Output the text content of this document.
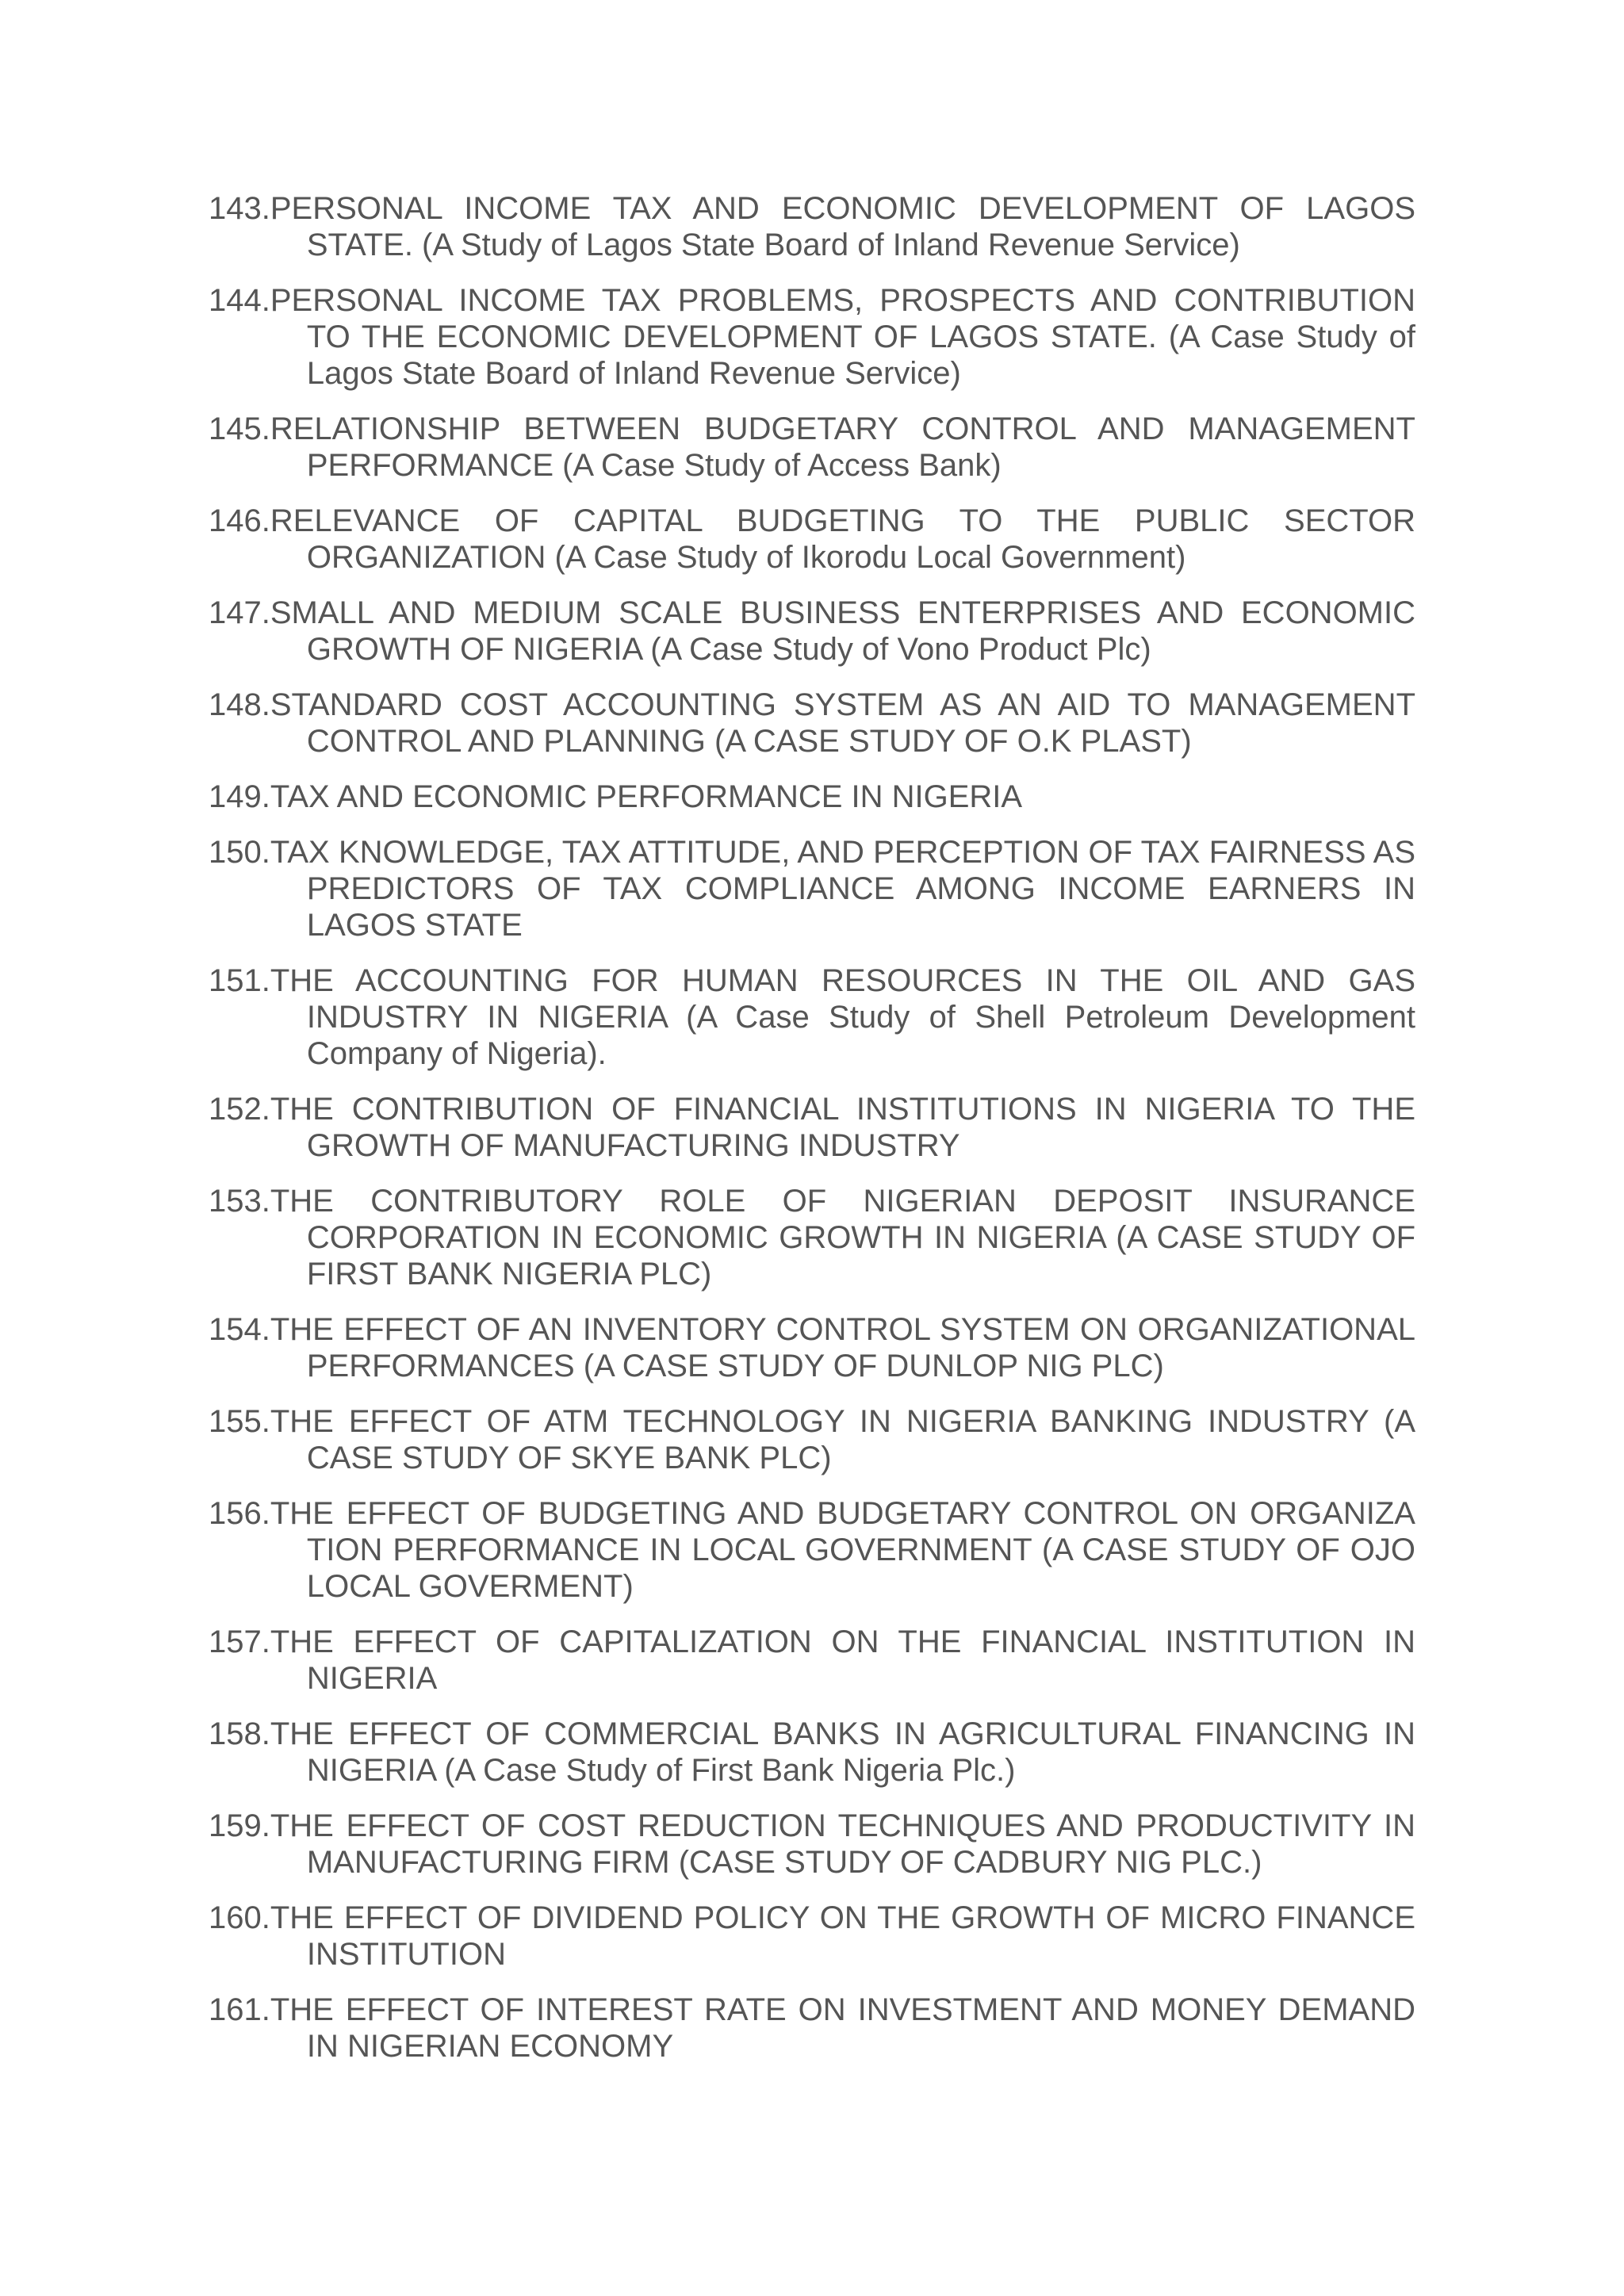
143. PERSONAL INCOME TAX AND ECONOMIC DEVELOPMENT OF LAGOS STATE. (A Study of Lagos State Board of Inland Revenue Service)
144. PERSONAL INCOME TAX PROBLEMS, PROSPECTS AND CONTRIBUTION TO THE ECONOMIC DEVELOPMENT OF LAGOS STATE. (A Case Study of Lagos State Board of Inland Revenue Service)
145. RELATIONSHIP BETWEEN BUDGETARY CONTROL AND MANAGEMENT PERFORMANCE (A Case Study of Access Bank)
146. RELEVANCE OF CAPITAL BUDGETING TO THE PUBLIC SECTOR ORGANIZATION (A Case Study of Ikorodu Local Government)
147. SMALL AND MEDIUM SCALE BUSINESS ENTERPRISES AND ECONOMIC GROWTH OF NIGERIA (A Case Study of Vono Product Plc)
148. STANDARD COST ACCOUNTING SYSTEM AS AN AID TO MANAGEMENT CONTROL AND PLANNING (A CASE STUDY OF O.K PLAST)
149. TAX AND ECONOMIC PERFORMANCE IN NIGERIA
150. TAX KNOWLEDGE, TAX ATTITUDE, AND PERCEPTION OF TAX FAIRNESS AS PREDICTORS OF TAX COMPLIANCE AMONG INCOME EARNERS IN LAGOS STATE
151. THE ACCOUNTING FOR HUMAN RESOURCES IN THE OIL AND GAS INDUSTRY IN NIGERIA (A Case Study of Shell Petroleum Development Company of Nigeria).
152. THE CONTRIBUTION OF FINANCIAL INSTITUTIONS IN NIGERIA TO THE GROWTH OF MANUFACTURING INDUSTRY
153. THE CONTRIBUTORY ROLE OF NIGERIAN DEPOSIT INSURANCE CORPORATION IN ECONOMIC GROWTH IN NIGERIA (A CASE STUDY OF FIRST BANK NIGERIA PLC)
154. THE EFFECT OF AN INVENTORY CONTROL SYSTEM ON ORGANIZATIONAL PERFORMANCES (A CASE STUDY OF DUNLOP NIG PLC)
155. THE EFFECT OF ATM TECHNOLOGY IN NIGERIA BANKING INDUSTRY (A CASE STUDY OF SKYE BANK PLC)
156. THE EFFECT OF BUDGETING AND BUDGETARY CONTROL ON ORGANIZA TION PERFORMANCE IN LOCAL GOVERNMENT (A CASE STUDY OF OJO LOCAL GOVERMENT)
157. THE EFFECT OF CAPITALIZATION ON THE FINANCIAL INSTITUTION IN NIGERIA
158. THE EFFECT OF COMMERCIAL BANKS IN AGRICULTURAL FINANCING IN NIGERIA (A Case Study of First Bank Nigeria Plc.)
159. THE EFFECT OF COST REDUCTION TECHNIQUES AND PRODUCTIVITY IN MANUFACTURING FIRM (CASE STUDY OF CADBURY NIG PLC.)
160. THE EFFECT OF DIVIDEND POLICY ON THE GROWTH OF MICRO FINANCE INSTITUTION
161. THE EFFECT OF INTEREST RATE ON INVESTMENT AND MONEY DEMAND IN NIGERIAN ECONOMY
